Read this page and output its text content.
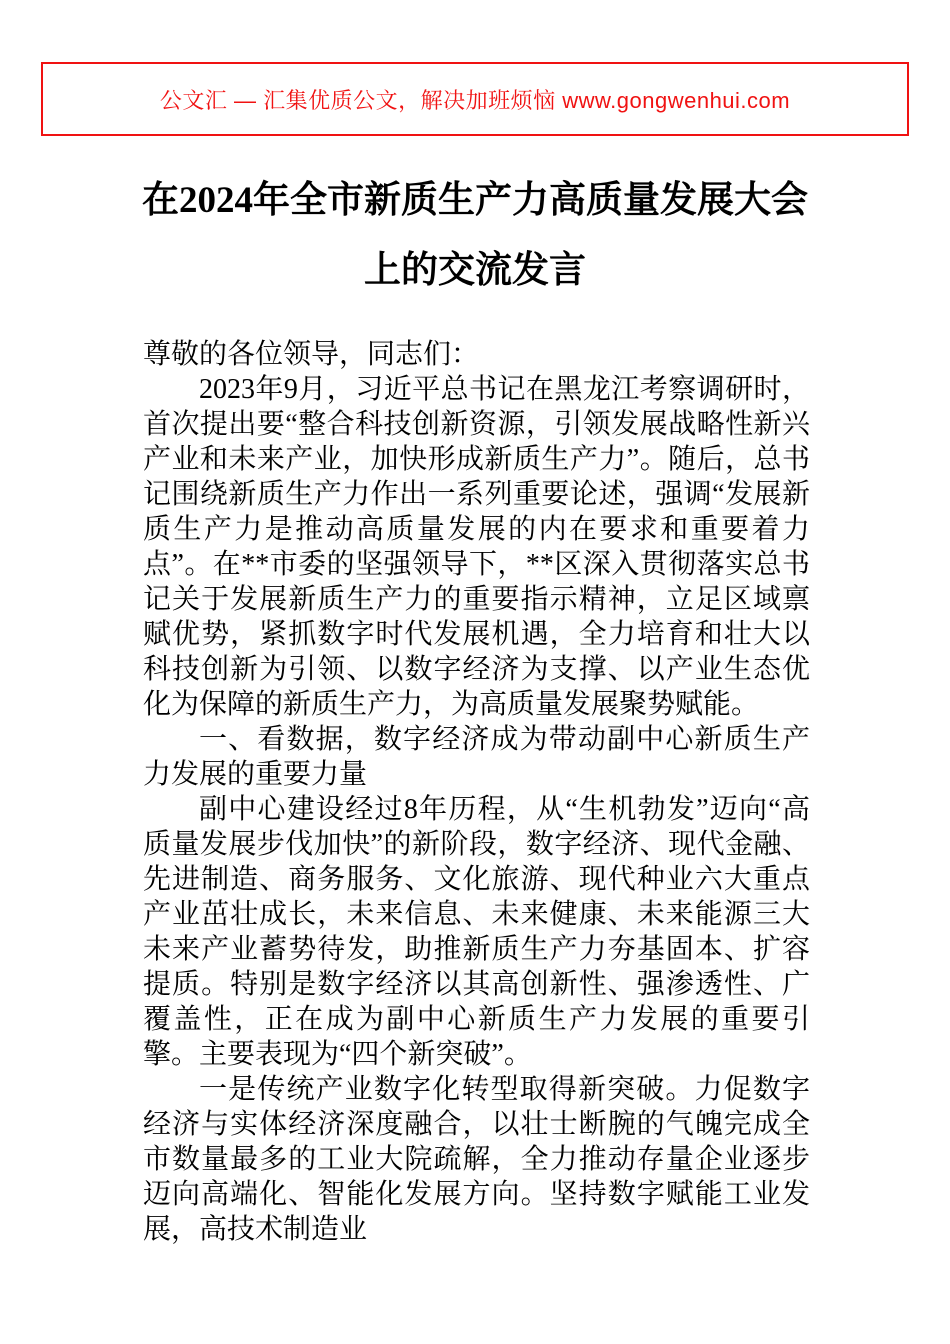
公文汇 — 汇集优质公文，解决加班烦恼 www.gongwenhui.com
在2024年全市新质生产力高质量发展大会
上的交流发言

尊敬的各位领导，同志们：

2023年9月，习近平总书记在黑龙江考察调研时，首次提出要“整合科技创新资源，引领发展战略性新兴产业和未来产业，加快形成新质生产力”。随后，总书记围绕新质生产力作出一系列重要论述，强调“发展新质生产力是推动高质量发展的内在要求和重要着力点”。在**市委的坚强领导下，**区深入贯彻落实总书记关于发展新质生产力的重要指示精神，立足区域禀赋优势，紧抓数字时代发展机遇，全力培育和壮大以科技创新为引领、以数字经济为支撑、以产业生态优化为保障的新质生产力，为高质量发展聚势赋能。

一、看数据，数字经济成为带动副中心新质生产力发展的重要力量

副中心建设经过8年历程，从“生机勃发”迈向“高质量发展步伐加快”的新阶段，数字经济、现代金融、先进制造、商务服务、文化旅游、现代种业六大重点产业茁壮成长，未来信息、未来健康、未来能源三大未来产业蓄势待发，助推新质生产力夯基固本、扩容提质。特别是数字经济以其高创新性、强渗透性、广覆盖性，正在成为副中心新质生产力发展的重要引擎。主要表现为“四个新突破”。

一是传统产业数字化转型取得新突破。力促数字经济与实体经济深度融合，以壮士断腕的气魄完成全市数量最多的工业大院疏解，全力推动存量企业逐步迈向高端化、智能化发展方向。坚持数字赋能工业发展，高技术制造业
